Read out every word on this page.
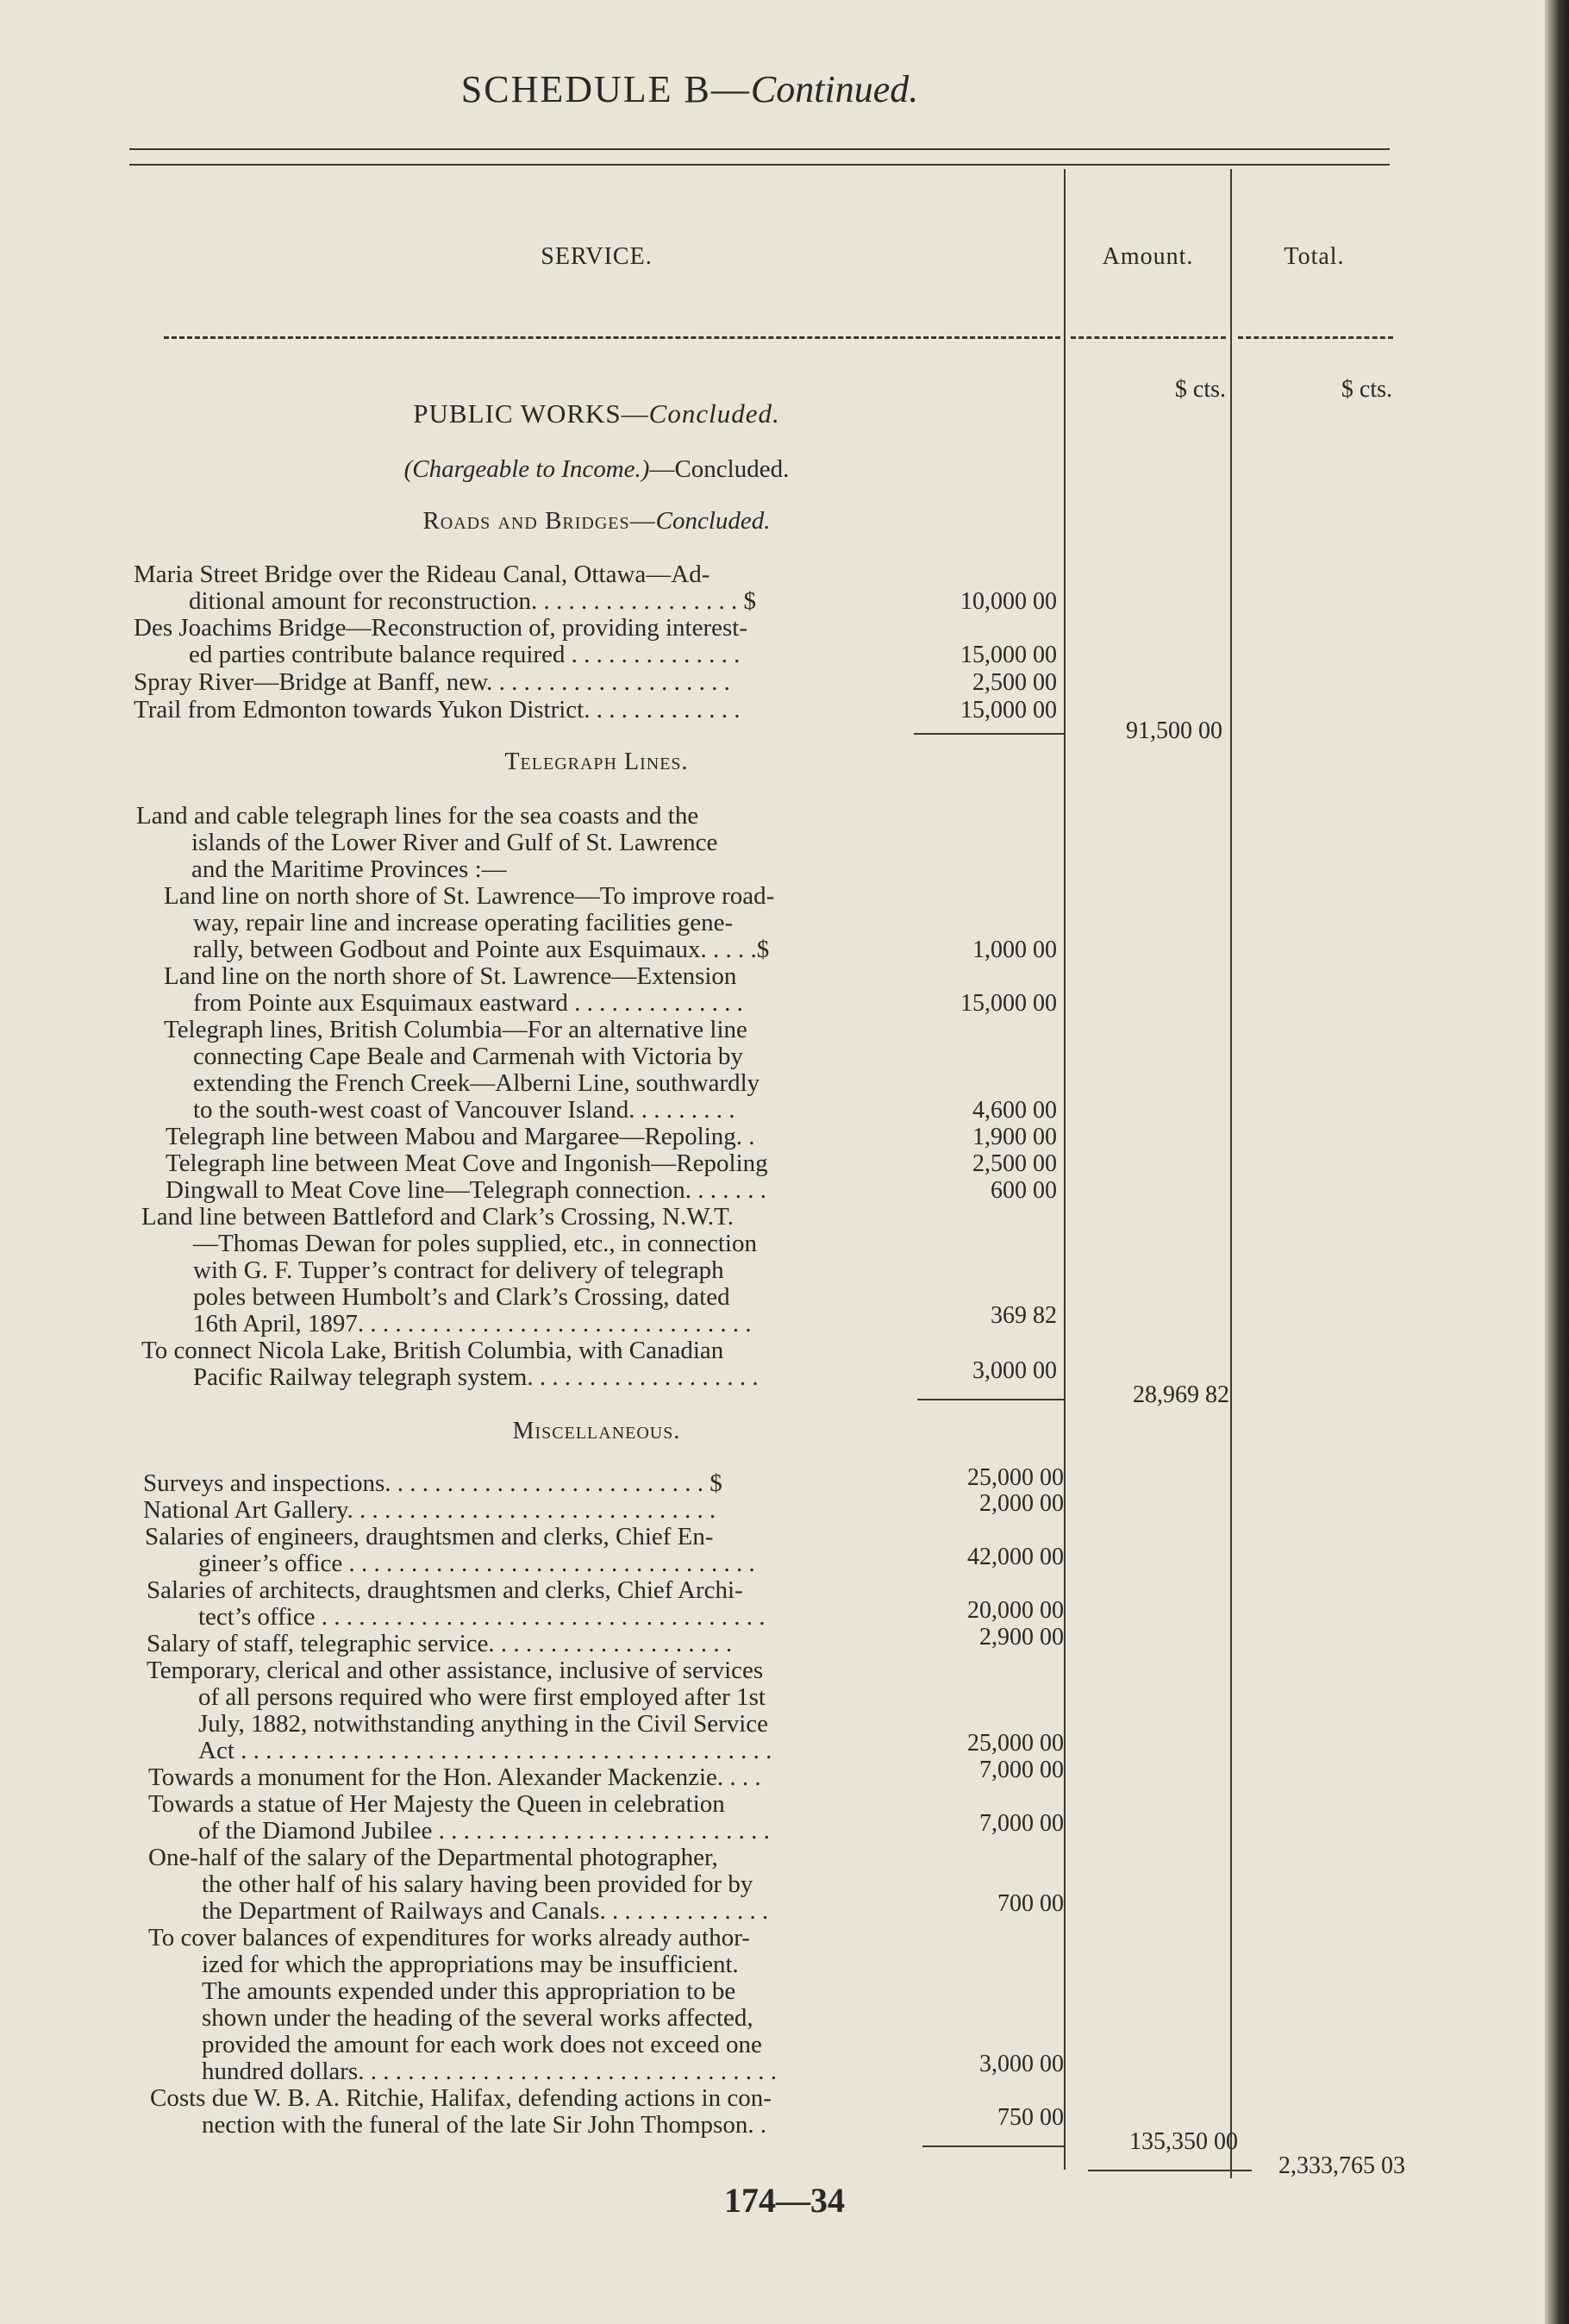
SCHEDULE B—Continued.
SERVICE.	Amount.	Total.
$ cts.	$ cts.
PUBLIC WORKS—Concluded.
(Chargeable to Income.)—Concluded.
Roads and Bridges—Concluded.
Maria Street Bridge over the Rideau Canal, Ottawa—Ad-
ditional amount for reconstruction. . . . . . . . . . . . . . . . . $	10,000 00
Des Joachims Bridge—Reconstruction of, providing interest-
ed parties contribute balance required . . . . . . . . . . . . . .	15,000 00
Spray River—Bridge at Banff, new. . . . . . . . . . . . . . . . . . . .	2,500 00
Trail from Edmonton towards Yukon District. . . . . . . . . . . . .	15,000 00
91,500 00
Telegraph Lines.
Land and cable telegraph lines for the sea coasts and the
islands of the Lower River and Gulf of St. Lawrence
and the Maritime Provinces :—
Land line on north shore of St. Lawrence—To improve road-
way, repair line and increase operating facilities gene-
rally, between Godbout and Pointe aux Esquimaux. . . . .$	1,000 00
Land line on the north shore of St. Lawrence—Extension
from Pointe aux Esquimaux eastward . . . . . . . . . . . . . .	15,000 00
Telegraph lines, British Columbia—For an alternative line
connecting Cape Beale and Carmenah with Victoria by
extending the French Creek—Alberni Line, southwardly
to the south-west coast of Vancouver Island. . . . . . . . .	4,600 00
Telegraph line between Mabou and Margaree—Repoling. .	1,900 00
Telegraph line between Meat Cove and Ingonish—Repoling	2,500 00
Dingwall to Meat Cove line—Telegraph connection. . . . . . .	600 00
Land line between Battleford and Clark’s Crossing, N.W.T.
—Thomas Dewan for poles supplied, etc., in connection
with G. F. Tupper’s contract for delivery of telegraph
poles between Humbolt’s and Clark’s Crossing, dated
16th April, 1897. . . . . . . . . . . . . . . . . . . . . . . . . . . . . . . .	369 82
To connect Nicola Lake, British Columbia, with Canadian
Pacific Railway telegraph system. . . . . . . . . . . . . . . . . . .	3,000 00
28,969 82
Miscellaneous.
Surveys and inspections. . . . . . . . . . . . . . . . . . . . . . . . . . $	25,000 00
National Art Gallery. . . . . . . . . . . . . . . . . . . . . . . . . . . . . .	2,000 00
Salaries of engineers, draughtsmen and clerks, Chief En-
gineer’s office . . . . . . . . . . . . . . . . . . . . . . . . . . . . . . . . .	42,000 00
Salaries of architects, draughtsmen and clerks, Chief Archi-
tect’s office . . . . . . . . . . . . . . . . . . . . . . . . . . . . . . . . . . . .	20,000 00
Salary of staff, telegraphic service. . . . . . . . . . . . . . . . . . . .	2,900 00
Temporary, clerical and other assistance, inclusive of services
of all persons required who were first employed after 1st
July, 1882, notwithstanding anything in the Civil Service
Act . . . . . . . . . . . . . . . . . . . . . . . . . . . . . . . . . . . . . . . . . . .	25,000 00
Towards a monument for the Hon. Alexander Mackenzie. . . .	7,000 00
Towards a statue of Her Majesty the Queen in celebration
of the Diamond Jubilee . . . . . . . . . . . . . . . . . . . . . . . . . . .	7,000 00
One-half of the salary of the Departmental photographer,
the other half of his salary having been provided for by
the Department of Railways and Canals. . . . . . . . . . . . . .	700 00
To cover balances of expenditures for works already author-
ized for which the appropriations may be insufficient.
The amounts expended under this appropriation to be
shown under the heading of the several works affected,
provided the amount for each work does not exceed one
hundred dollars. . . . . . . . . . . . . . . . . . . . . . . . . . . . . . . . . .	3,000 00
Costs due W. B. A. Ritchie, Halifax, defending actions in con-
nection with the funeral of the late Sir John Thompson. .	750 00
135,350 00
2,333,765 03
174—34
